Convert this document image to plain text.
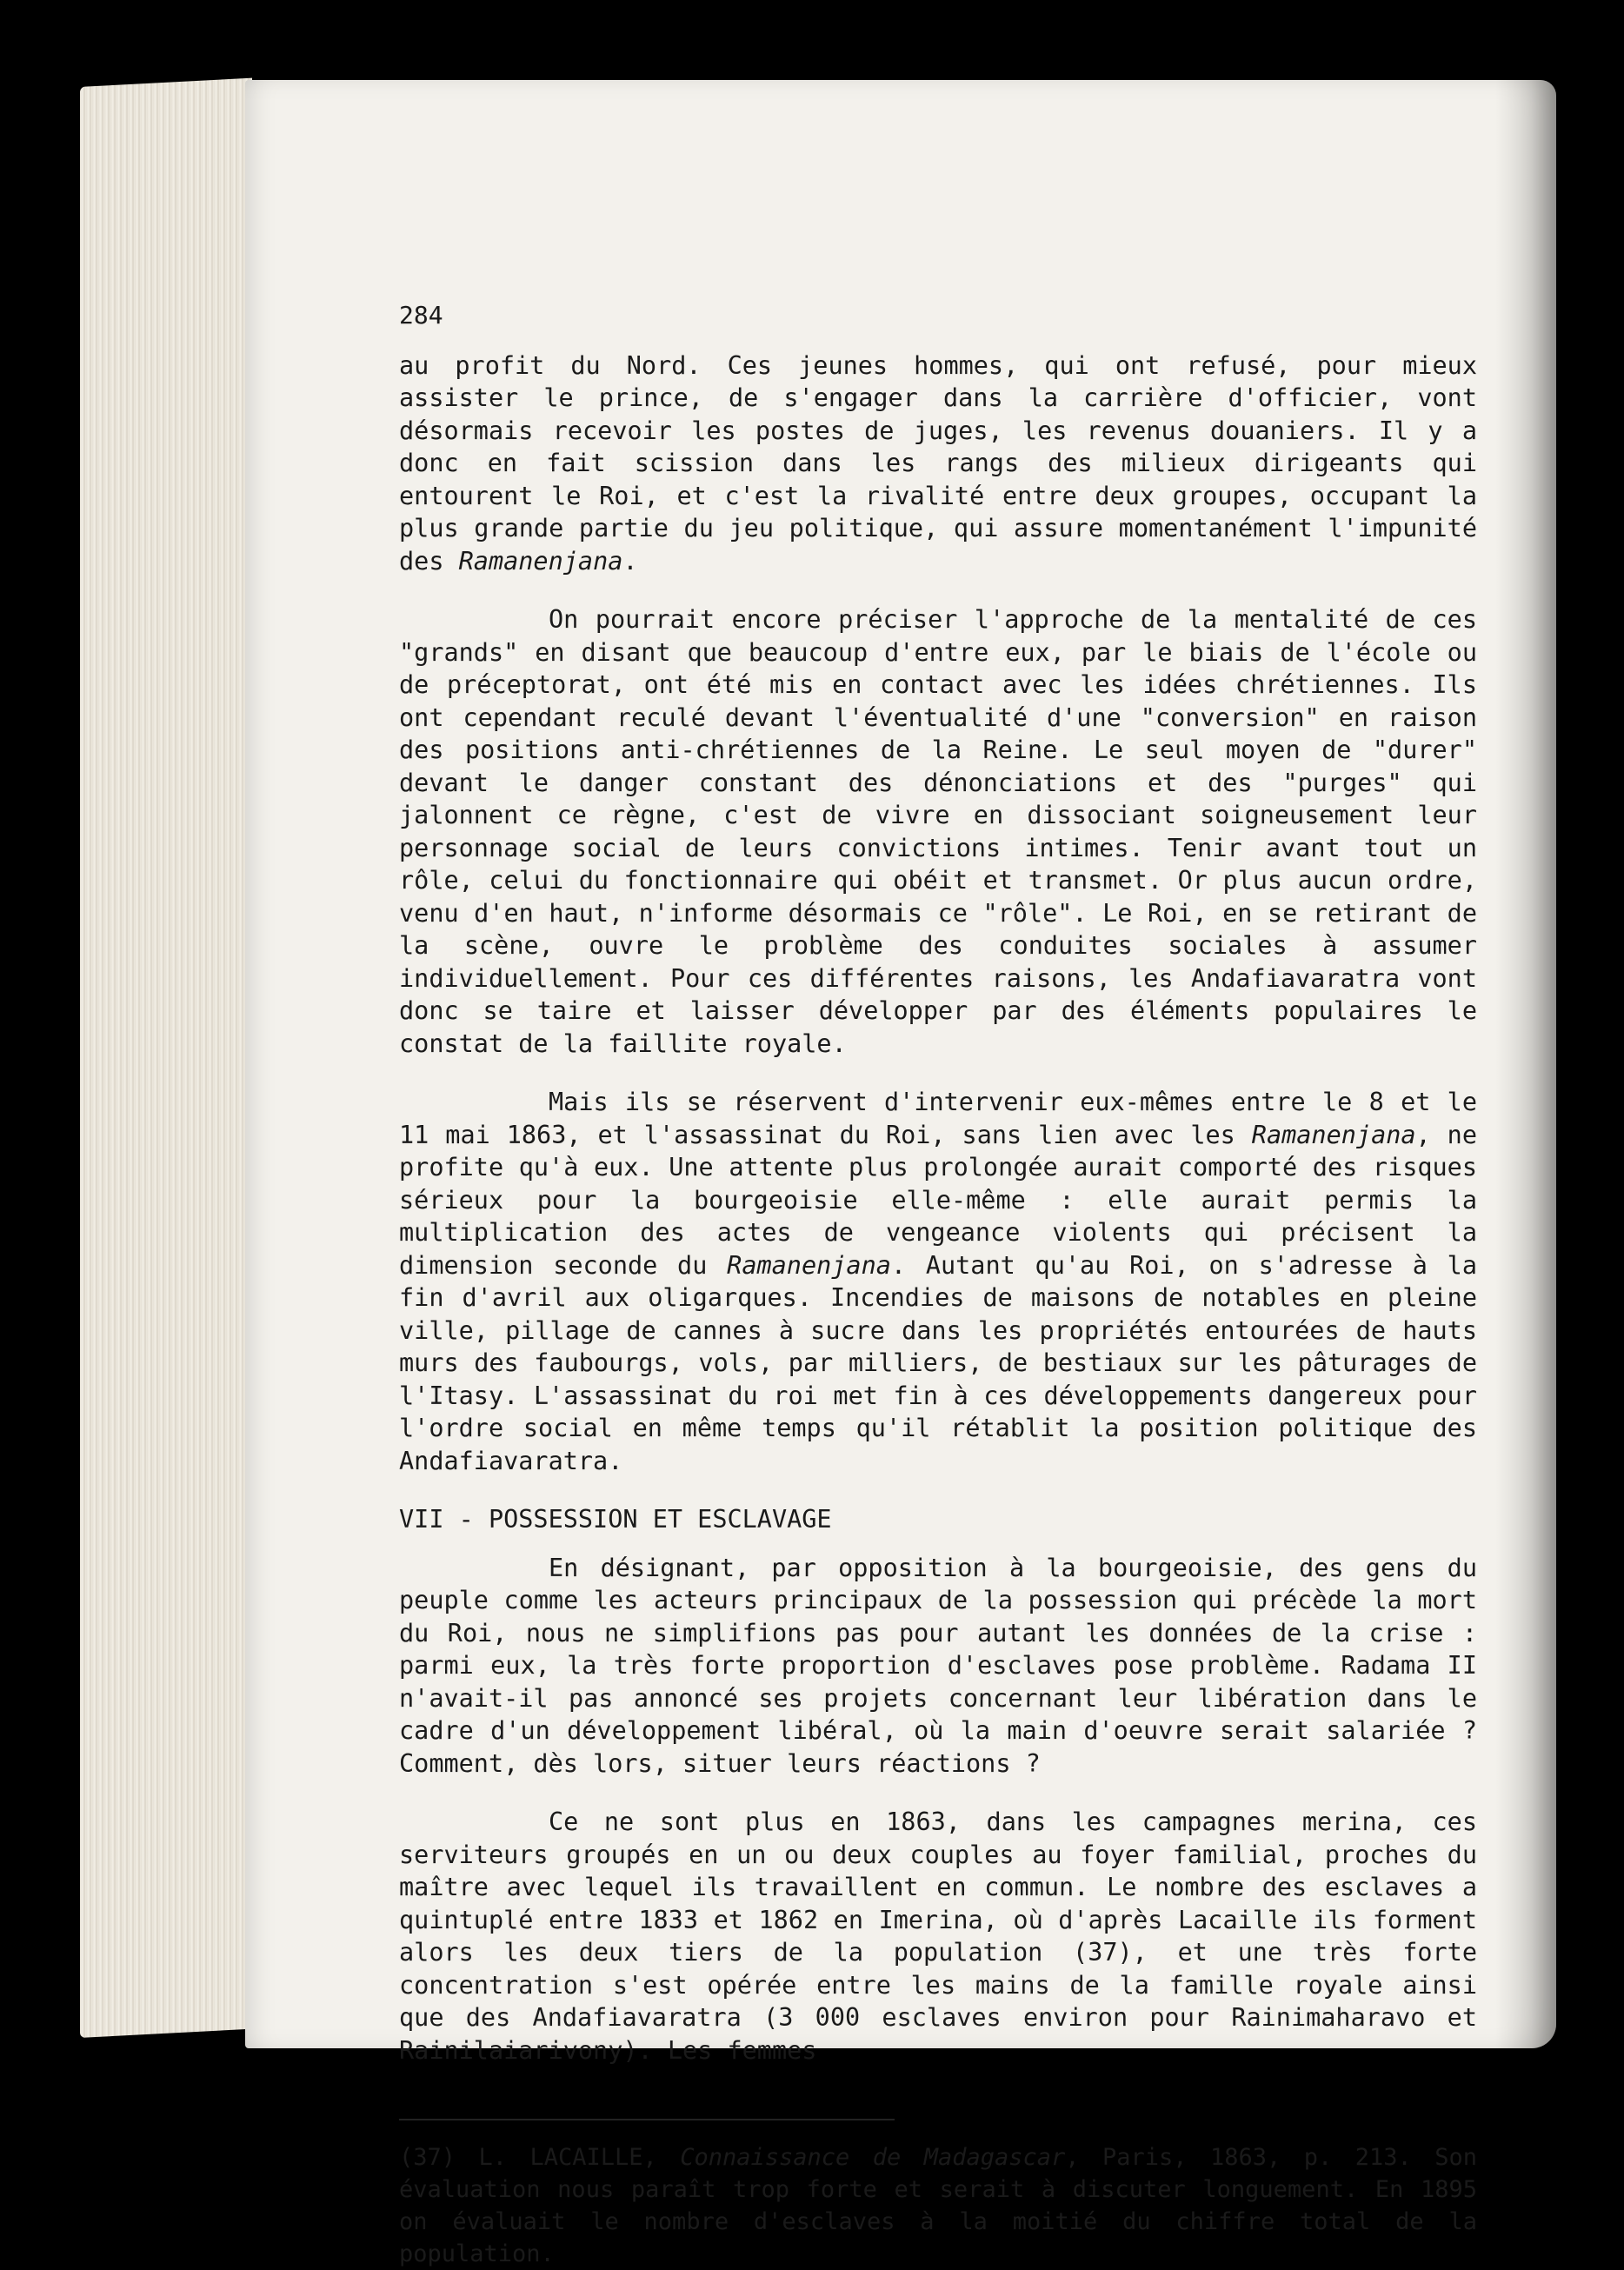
284

au profit du Nord. Ces jeunes hommes, qui ont refusé, pour mieux assister le prince, de s'engager dans la carrière d'officier, vont désormais recevoir les postes de juges, les revenus douaniers. Il y a donc en fait scission dans les rangs des milieux dirigeants qui entourent le Roi, et c'est la rivalité entre deux groupes, occupant la plus grande partie du jeu politique, qui assure momentanément l'impunité des Ramanenjana.

On pourrait encore préciser l'approche de la mentalité de ces "grands" en disant que beaucoup d'entre eux, par le biais de l'école ou de préceptorat, ont été mis en contact avec les idées chrétiennes. Ils ont cependant reculé devant l'éventualité d'une "conversion" en raison des positions anti-chrétiennes de la Reine. Le seul moyen de "durer" devant le danger constant des dénonciations et des "purges" qui jalonnent ce règne, c'est de vivre en dissociant soigneusement leur personnage social de leurs convictions intimes. Tenir avant tout un rôle, celui du fonctionnaire qui obéit et transmet. Or plus aucun ordre, venu d'en haut, n'informe désormais ce "rôle". Le Roi, en se retirant de la scène, ouvre le problème des conduites sociales à assumer individuellement. Pour ces différentes raisons, les Andafiavaratra vont donc se taire et laisser développer par des éléments populaires le constat de la faillite royale.

Mais ils se réservent d'intervenir eux-mêmes entre le 8 et le 11 mai 1863, et l'assassinat du Roi, sans lien avec les Ramanenjana, ne profite qu'à eux. Une attente plus prolongée aurait comporté des risques sérieux pour la bourgeoisie elle-même : elle aurait permis la multiplication des actes de vengeance violents qui précisent la dimension seconde du Ramanenjana. Autant qu'au Roi, on s'adresse à la fin d'avril aux oligarques. Incendies de maisons de notables en pleine ville, pillage de cannes à sucre dans les propriétés entourées de hauts murs des faubourgs, vols, par milliers, de bestiaux sur les pâturages de l'Itasy. L'assassinat du roi met fin à ces développements dangereux pour l'ordre social en même temps qu'il rétablit la position politique des Andafiavaratra.

VII - POSSESSION ET ESCLAVAGE

En désignant, par opposition à la bourgeoisie, des gens du peuple comme les acteurs principaux de la possession qui précède la mort du Roi, nous ne simplifions pas pour autant les données de la crise : parmi eux, la très forte proportion d'esclaves pose problème. Radama II n'avait-il pas annoncé ses projets concernant leur libération dans le cadre d'un développement libéral, où la main d'oeuvre serait salariée ? Comment, dès lors, situer leurs réactions ?

Ce ne sont plus en 1863, dans les campagnes merina, ces serviteurs groupés en un ou deux couples au foyer familial, proches du maître avec lequel ils travaillent en commun. Le nombre des esclaves a quintuplé entre 1833 et 1862 en Imerina, où d'après Lacaille ils forment alors les deux tiers de la population (37), et une très forte concentration s'est opérée entre les mains de la famille royale ainsi que des Andafiavaratra (3 000 esclaves environ pour Rainimaharavo et Rainilaiarivony). Les femmes

(37) L. LACAILLE, Connaissance de Madagascar, Paris, 1863, p. 213. Son évaluation nous paraît trop forte et serait à discuter longuement. En 1895 on évaluait le nombre d'esclaves à la moitié du chiffre total de la population.
